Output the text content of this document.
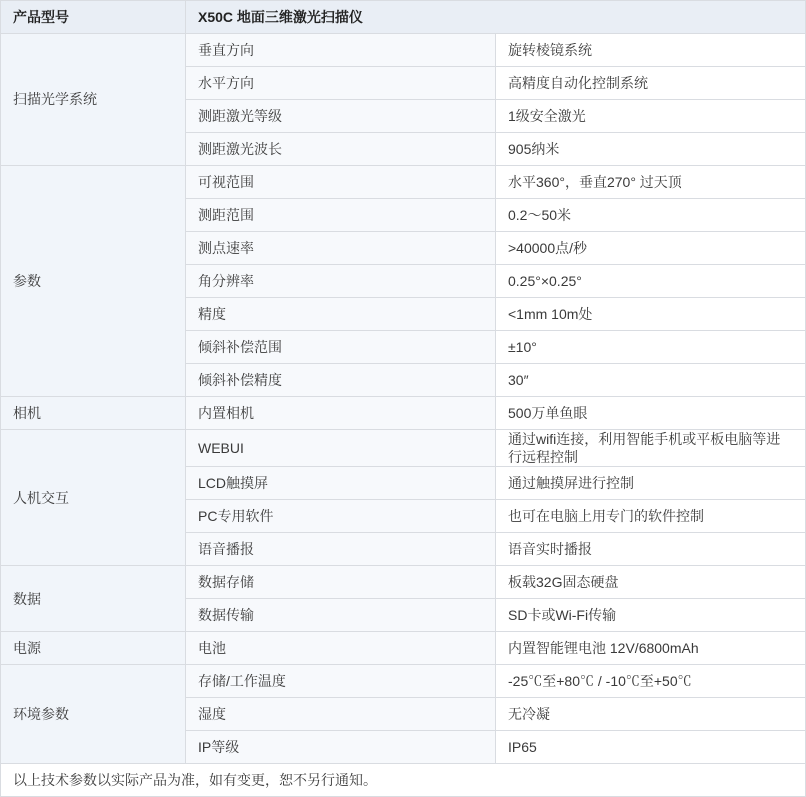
产品型号	X50C 地面三维激光扫描仪	
扫描光学系统	垂直方向	旋转棱镜系统
	水平方向	高精度自动化控制系统
	测距激光等级	1级安全激光
	测距激光波长	905纳米
参数	可视范围	水平360°，垂直270° 过天顶
	测距范围	0.2～50米
	测点速率	>40000点/秒
	角分辨率	0.25°×0.25°
	精度	<1mm 10m处
	倾斜补偿范围	±10°
	倾斜补偿精度	30″
相机	内置相机	500万单鱼眼
人机交互	WEBUI	通过wifi连接，利用智能手机或平板电脑等进行远程控制
	LCD触摸屏	通过触摸屏进行控制
	PC专用软件	也可在电脑上用专门的软件控制
	语音播报	语音实时播报
数据	数据存储	板载32G固态硬盘
	数据传输	SD卡或Wi-Fi传输
电源	电池	内置智能锂电池 12V/6800mAh
环境参数	存储/工作温度	-25℃至+80℃ / -10℃至+50℃
	湿度	无冷凝
	IP等级	IP65
以上技术参数以实际产品为准，如有变更，恕不另行通知。		
